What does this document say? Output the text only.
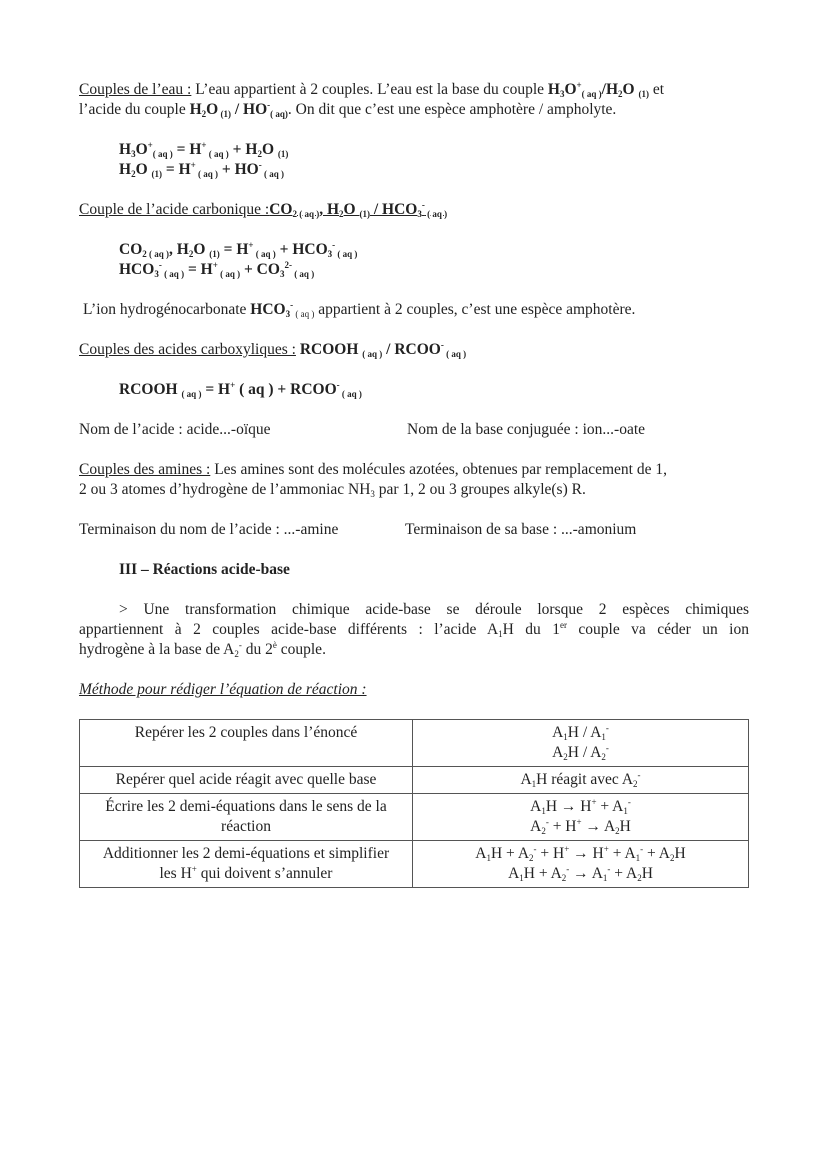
Couples de l’eau : L’eau appartient à 2 couples. L’eau est la base du couple $H_3O^+_{( aq )}/H_2O$ $_{(1)}$ et
l’acide du couple $H_2O$ $_{(1)} / HO^-_{( aq)}$. On dit que c’est une espèce amphotère / ampholyte.
$H_3O^+_{( aq )} = H^+$ $_{( aq )} + H_2O$ $_{(1)}$
$H_2O$ $_{(1)}$ = H+ $_{( aq )}$ + HO- $_{( aq )}$
Couple de l’acide carbonique $:CO_2$ $_{( aq )}$, $H_2O$ $_{(1)} / HCO_3^-$ $_{( aq )}$
$CO_2$ $_{( aq )}$, $H_2O$ $_{(1)}$ = H+ $_{( aq )} + HCO_3^-$ $_{( aq )}$
$HCO_3^-$ $_{( aq )}$ = H+ $_{( aq )} + CO_3^{2-}$ $_{( aq )}$
L’ion hydrogénocarbonate $HCO_3^-$ $_{( aq )}$ appartient à 2 couples, c’est une espèce amphotère.
Couples des acides carboxyliques : RCOOH $_{( aq )}$ / RCOO- $_{( aq )}$
RCOOH $_{( aq )}$ = H+ ( aq ) + RCOO- $_{( aq )}$
Nom de l’acide : acide...-oïque	Nom de la base conjuguée : ion...-oate
Couples des amines : Les amines sont des molécules azotées, obtenues par remplacement de 1,
2 ou 3 atomes d’hydrogène de l’ammoniac $NH_3$ par 1, 2 ou 3 groupes alkyle(s) R.
Terminaison du nom de l’acide : ...-amine	Terminaison de sa base : ...-amonium
III – Réactions acide-base
> Une transformation chimique acide-base se déroule lorsque 2 espèces chimiques
appartiennent à 2 couples acide-base différents : l’acide $A_1H$ du 1er couple va céder un ion
hydrogène à la base de $A_2^-$ du $2^è$ couple.
Méthode pour rédiger l’équation de réaction :
Repérer les 2 couples dans l’énoncé	$A_1H / A_1^-$
$A_2H / A_2^-$
Repérer quel acide réagit avec quelle base	$A_1H$ réagit avec $A_2^-$
Écrire les 2 demi-équations dans le sens de la
réaction	$A_1H \to H^+ + A_1^-$
$A_2^- + H^+ \to A_2H$
Additionner les 2 demi-équations et simplifier
les H+ qui doivent s’annuler	$A_1H + A_2^- + H^+ \to H^+ + A_1^- + A_2H$
$A_1H + A_2^- \to A_1^- + A_2H$
